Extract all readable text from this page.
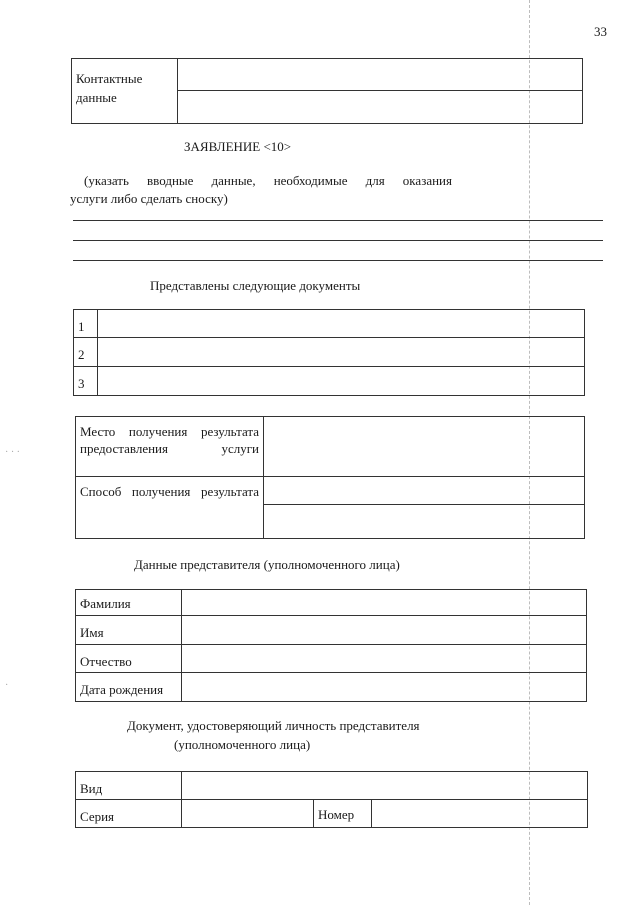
33
· · ·
·
Контактные данные	

ЗАЯВЛЕНИЕ <10>
(указать вводные данные, необходимые для оказания
услуги либо сделать сноску)
Представлены следующие документы
1	
2	
3	
Место получения результата предоставления услуги	
Способ получения результата	

Данные представителя (уполномоченного лица)
Фамилия	
Имя	
Отчество	
Дата рождения	
Документ, удостоверяющий личность представителя
(уполномоченного лица)
Вид			
Серия		Номер	
